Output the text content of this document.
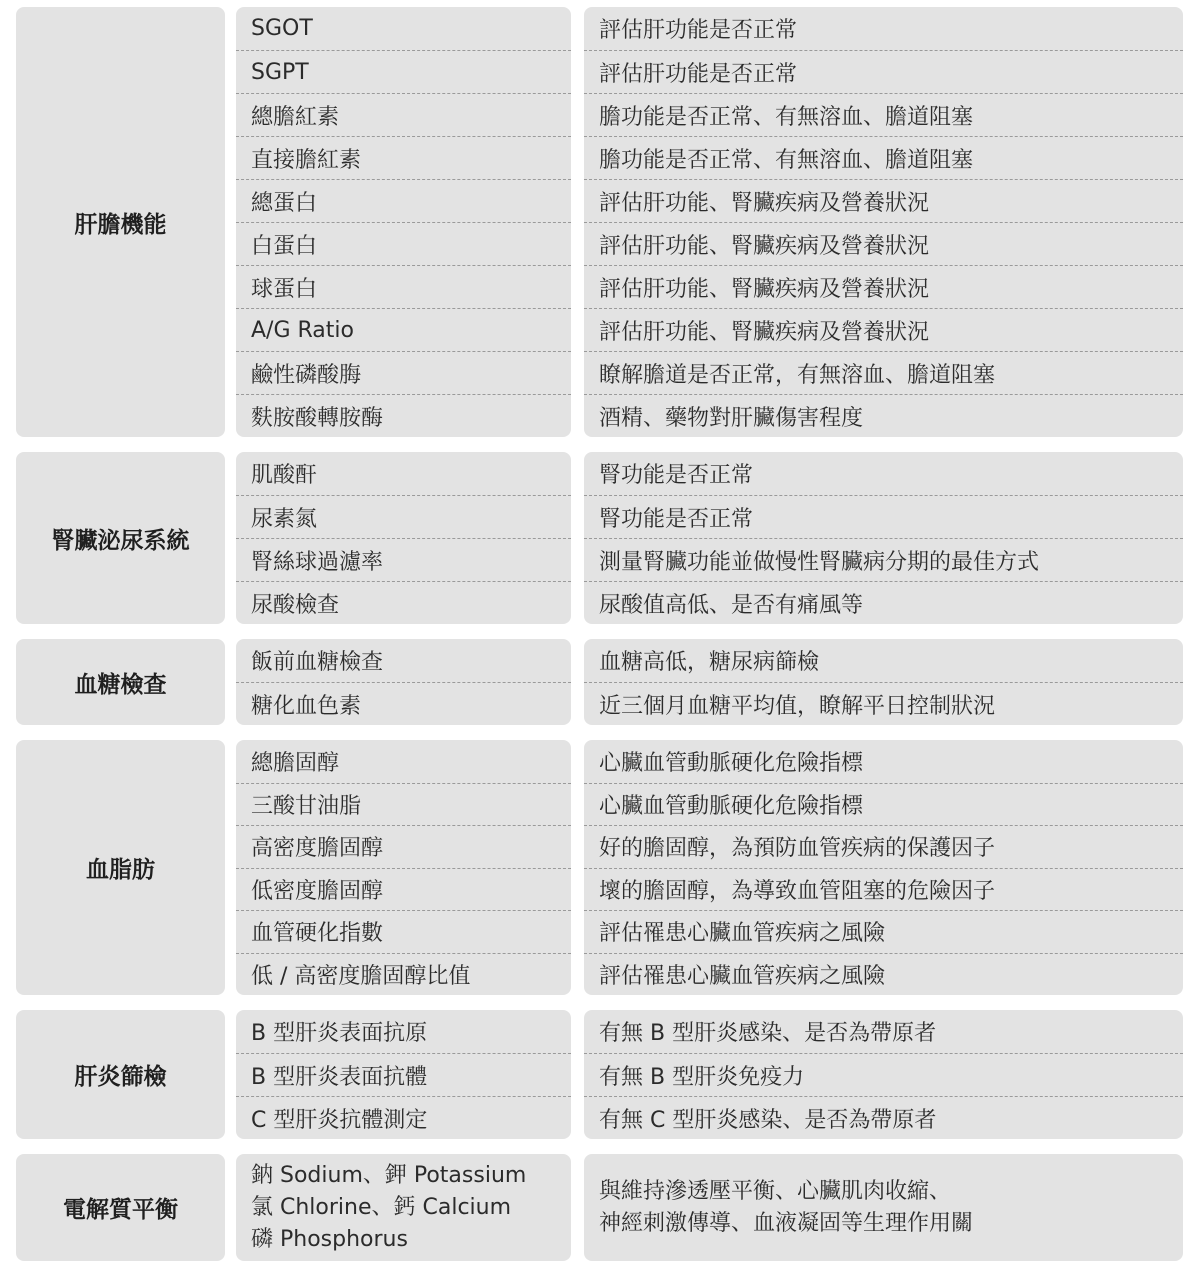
肝膽機能
SGOT
SGPT
總膽紅素
直接膽紅素
總蛋白
白蛋白
球蛋白
A/G Ratio
鹼性磷酸脢
麩胺酸轉胺酶
評估肝功能是否正常
評估肝功能是否正常
膽功能是否正常、有無溶血、膽道阻塞
膽功能是否正常、有無溶血、膽道阻塞
評估肝功能、腎臟疾病及營養狀況
評估肝功能、腎臟疾病及營養狀況
評估肝功能、腎臟疾病及營養狀況
評估肝功能、腎臟疾病及營養狀況
瞭解膽道是否正常，有無溶血、膽道阻塞
酒精、藥物對肝臟傷害程度
腎臟泌尿系統
肌酸酐
尿素氮
腎絲球過濾率
尿酸檢查
腎功能是否正常
腎功能是否正常
測量腎臟功能並做慢性腎臟病分期的最佳方式
尿酸值高低、是否有痛風等
血糖檢查
飯前血糖檢查
糖化血色素
血糖高低，糖尿病篩檢
近三個月血糖平均值，瞭解平日控制狀況
血脂肪
總膽固醇
三酸甘油脂
高密度膽固醇
低密度膽固醇
血管硬化指數
低 / 高密度膽固醇比值
心臟血管動脈硬化危險指標
心臟血管動脈硬化危險指標
好的膽固醇，為預防血管疾病的保護因子
壞的膽固醇，為導致血管阻塞的危險因子
評估罹患心臟血管疾病之風險
評估罹患心臟血管疾病之風險
肝炎篩檢
B 型肝炎表面抗原
B 型肝炎表面抗體
C 型肝炎抗體測定
有無 B 型肝炎感染、是否為帶原者
有無 B 型肝炎免疫力
有無 C 型肝炎感染、是否為帶原者
電解質平衡
鈉 Sodium、鉀 Potassium
氯 Chlorine、鈣 Calcium
磷 Phosphorus
與維持滲透壓平衡、心臟肌肉收縮、
神經刺激傳導、血液凝固等生理作用關
